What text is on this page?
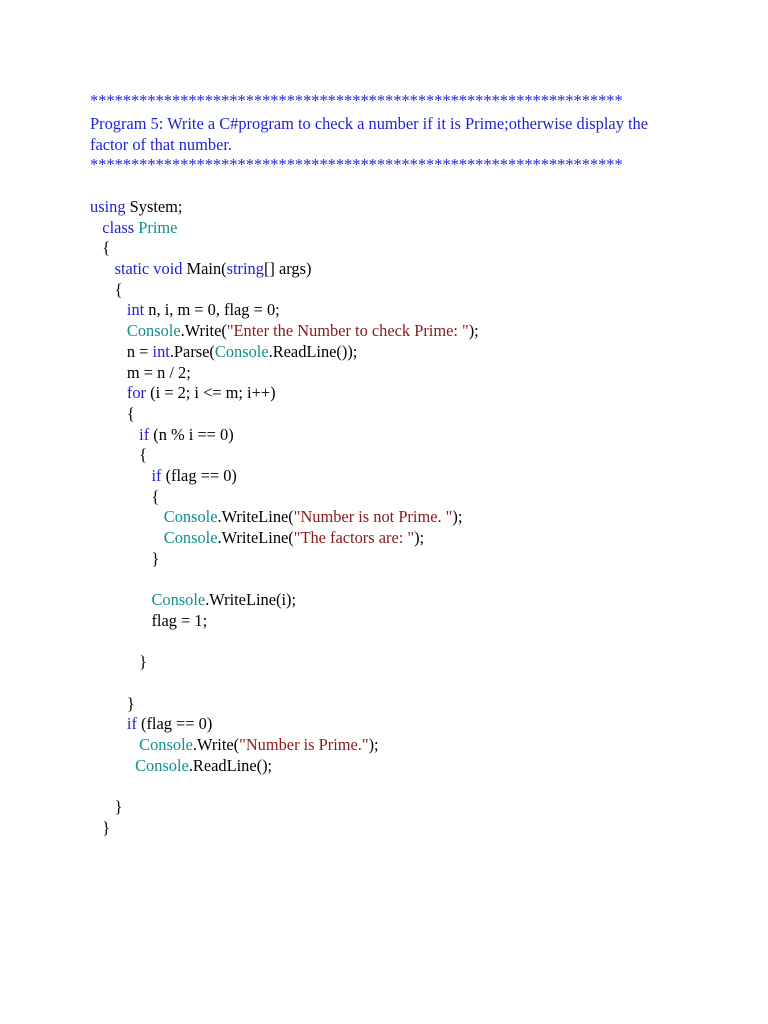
*****************************************************************
Program 5: Write a C#program to check a number if it is Prime;otherwise display the factor of that number.
*****************************************************************
using System;
class Prime
{
static void Main(string[] args)
{
int n, i, m = 0, flag = 0;
Console.Write("Enter the Number to check Prime: ");
n = int.Parse(Console.ReadLine());
m = n / 2;
for (i = 2; i <= m; i++)
{
if (n % i == 0)
{
if (flag == 0)
{
Console.WriteLine("Number is not Prime. ");
Console.WriteLine("The factors are: ");
}

Console.WriteLine(i);
flag = 1;

}

}
if (flag == 0)
Console.Write("Number is Prime.");
Console.ReadLine();

}
}
